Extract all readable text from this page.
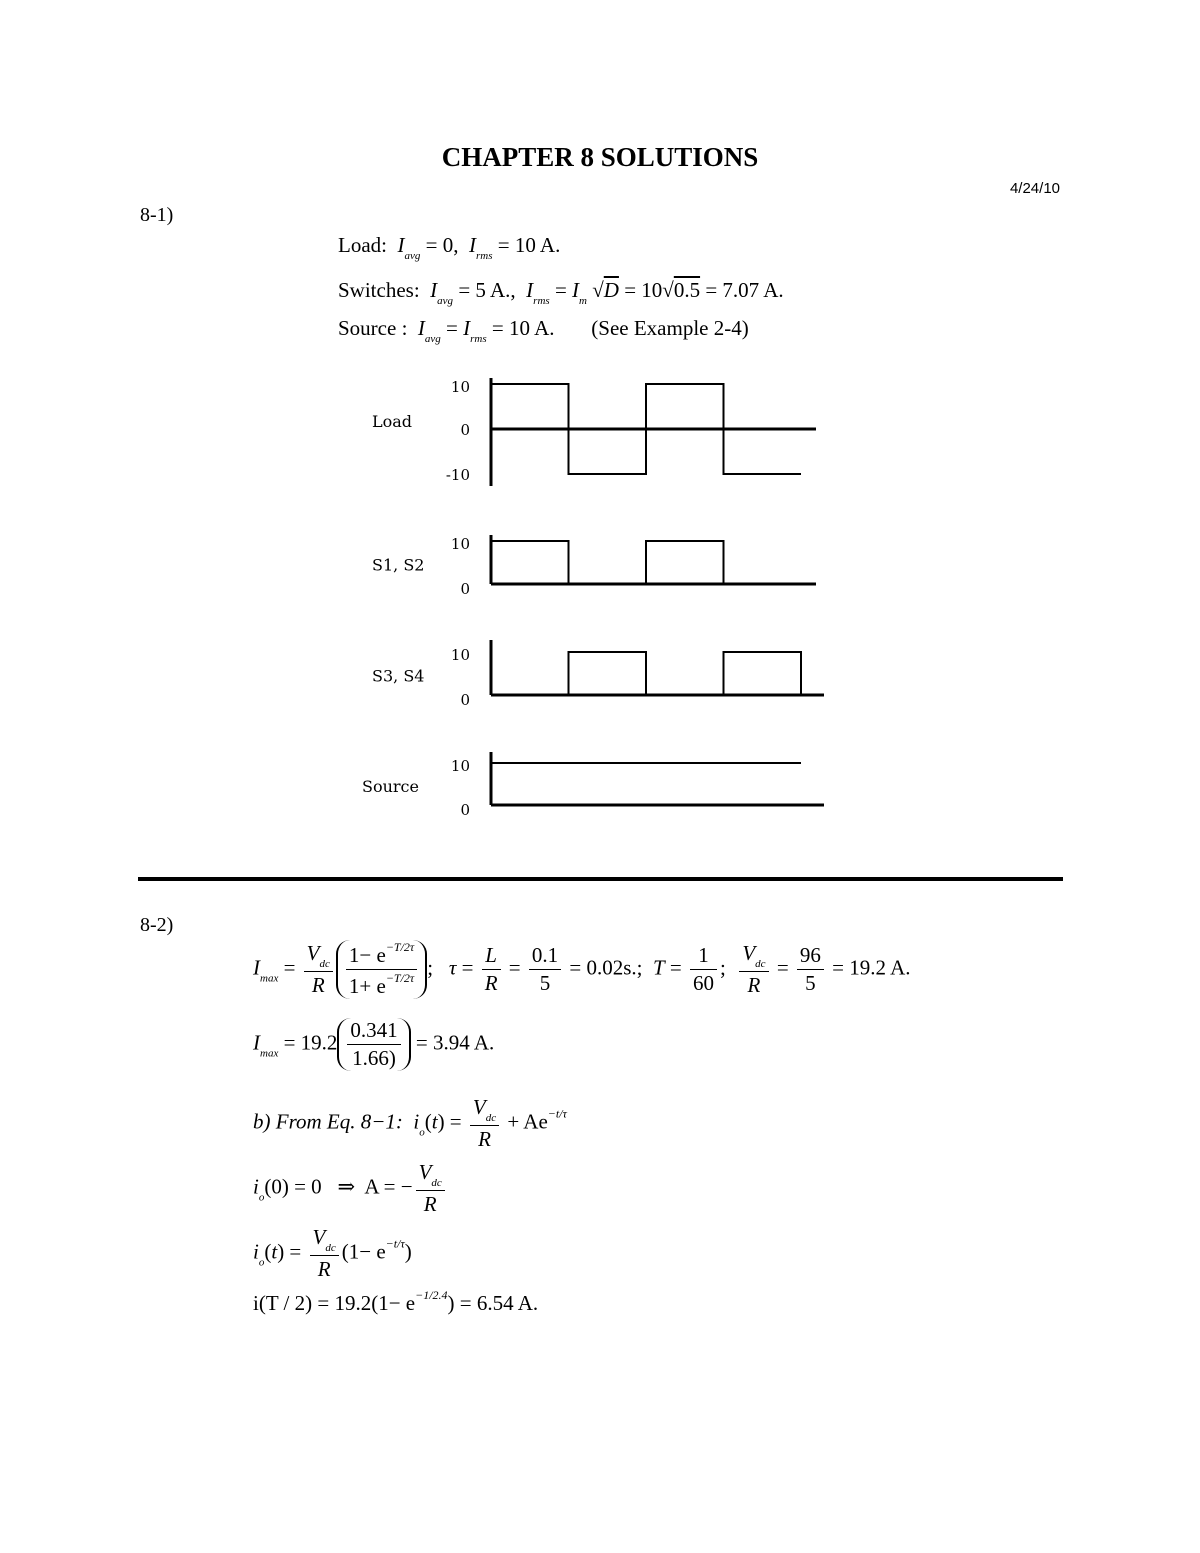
CHAPTER 8 SOLUTIONS
4/24/10
8-1)
Load: $I_{avg} = 0$, $I_{rms} = 10$ A.
Switches: $I_{avg} = 5$ A., $I_{rms} = I_m$ √D = 10√0.5 = 7.07 A.
Source : $I_{avg} = I_{rms} = 10$ A. (See Example 2-4)
Load
10
0
-10
S1, S2
10
0
S3, S4
10
0
Source
10
0
8-2)
$I_{max} = \frac{V_{dc}}{R} \frac{1- e^{-T/2\tau}}{1+ e^{-T/2\tau}}$ ;   $\tau = \frac{L}{R} = \frac{0.1}{5} = 0.02s$.; $T = \frac{1}{60}$ ; $\frac{V_{dc}}{R} = \frac{96}{5} = 19.2$ A.
$I_{max} = 19.2 \frac{0.341}{1.66)} = 3.94$ A.
b) From Eq. 8−1: $i_o(t) = \frac{V_{dc}}{R} + Ae^{-t/\tau}$
$i_o(0) = 0$ ⇒ A = − $\frac{V_{dc}}{R}$
$i_o(t) = \frac{V_{dc}}{R} (1- e^{-t/\tau})$
$i(T / 2) = 19.2(1- e^{-1/2.4}) = 6.54$ A.
